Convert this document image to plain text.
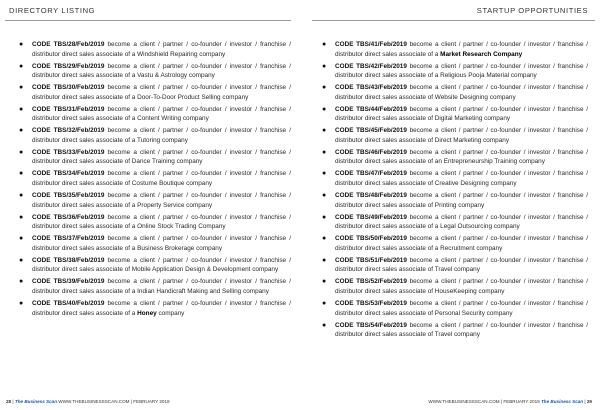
DIRECTORY LISTING	STARTUP OPPORTUNITIES
● CODE TBS/28/Feb/2019 become a client / partner / co-founder / investor / franchise / distributor direct sales associate of a Windshield Repairing company
● CODE TBS/29/Feb/2019 become a client / partner / co-founder / investor / franchise / distributor direct sales associate of a Vastu & Astrology company
● CODE TBS/30/Feb/2019 become a client / partner / co-founder / investor / franchise / distributor direct sales associate of a Door-To-Door Product Selling company
● CODE TBS/31/Feb/2019 become a client / partner / co-founder / investor / franchise / distributor direct sales associate of a Content Writing company
● CODE TBS/32/Feb/2019 become a client / partner / co-founder / investor / franchise / distributor direct sales associate of a Tutoring company
● CODE TBS/33/Feb/2019 become a client / partner / co-founder / investor / franchise / distributor direct sales associate of Dance Training company
● CODE TBS/34/Feb/2019 become a client / partner / co-founder / investor / franchise / distributor direct sales associate of Costume Boutique company
● CODE TBS/35/Feb/2019 become a client / partner / co-founder / investor / franchise / distributor direct sales associate of a Property Service company
● CODE TBS/36/Feb/2019 become a client / partner / co-founder / investor / franchise / distributor direct sales associate of a Online Stock Trading Company
● CODE TBS/37/Feb/2019 become a client / partner / co-founder / investor / franchise / distributor direct sales associate of a Business Brokerage company
● CODE TBS/38/Feb/2019 become a client / partner / co-founder / investor / franchise / distributor direct sales associate of Mobile Application Design & Development company
● CODE TBS/39/Feb/2019 become a client / partner / co-founder / investor / franchise / distributor direct sales associate of a Indian Handicraft Making and Selling company
● CODE TBS/40/Feb/2019 become a client / partner / co-founder / investor / franchise / distributor direct sales associate of a Honey company
● CODE TBS/41/Feb/2019 become a client / partner / co-founder / investor / franchise / distributor direct sales associate of a Market Research Company
● CODE TBS/42/Feb/2019 become a client / partner / co-founder / investor / franchise / distributor direct sales associate of a Religious Pooja Material company
● CODE TBS/43/Feb/2019 become a client / partner / co-founder / investor / franchise / distributor direct sales associate of Website Designing company
● CODE TBS/44/Feb/2019 become a client / partner / co-founder / investor / franchise / distributor direct sales associate of Digital Marketing company
● CODE TBS/45/Feb/2019 become a client / partner / co-founder / investor / franchise / distributor direct sales associate of Direct Marketing company
● CODE TBS/46/Feb/2019 become a client / partner / co-founder / investor / franchise / distributor direct sales associate of an Entrepreneurship Training company
● CODE TBS/47/Feb/2019 become a client / partner / co-founder / investor / franchise / distributor direct sales associate of Creative Designing company
● CODE TBS/48/Feb/2019 become a client / partner / co-founder / investor / franchise / distributor direct sales associate of Printing company
● CODE TBS/49/Feb/2019 become a client / partner / co-founder / investor / franchise / distributor direct sales associate of a Legal Outsourcing company
● CODE TBS/50/Feb/2019 become a client / partner / co-founder / investor / franchise / distributor direct sales associate of a Recruitment company
● CODE TBS/51/Feb/2019 become a client / partner / co-founder / investor / franchise / distributor direct sales associate of Travel company
● CODE TBS/52/Feb/2019 become a client / partner / co-founder / investor / franchise / distributor direct sales associate of HouseKeeping company
● CODE TBS/53/Feb/2019 become a client / partner / co-founder / investor / franchise / distributor direct sales associate of Personal Security company
● CODE TBS/54/Feb/2019 become a client / partner / co-founder / investor / franchise / distributor direct sales associate of Travel company
28 | The Business Scan WWW.THEBUSINESSSCAN.COM | FEBRUARY 2019	WWW.THEBUSINESSSCAN.COM | FEBRUARY 2019 The Business Scan | 29
